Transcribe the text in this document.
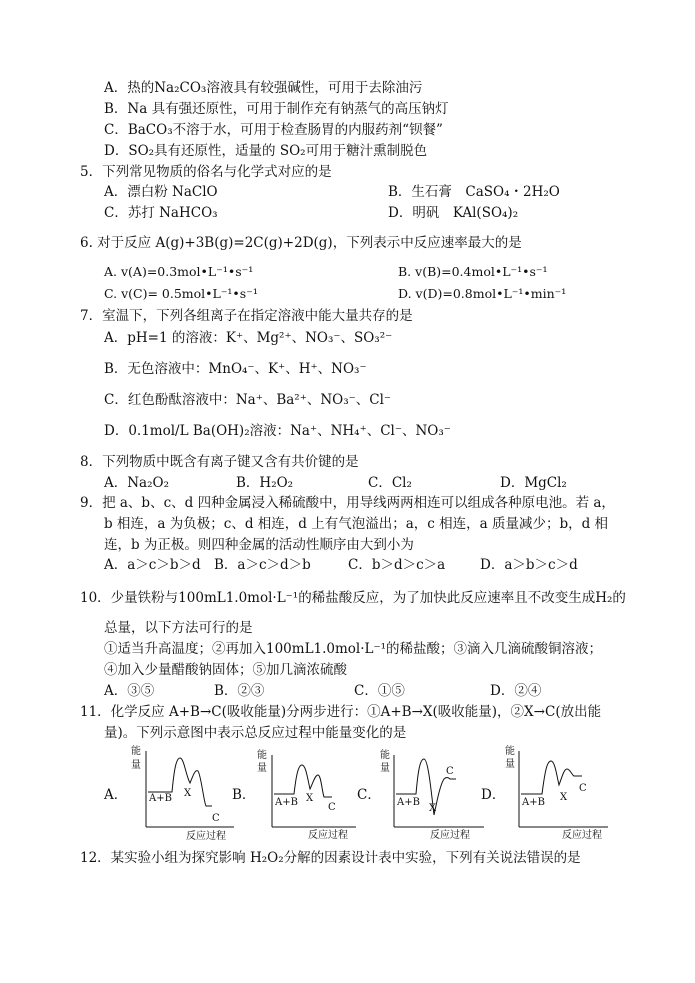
A．热的Na₂CO₃溶液具有较强碱性，可用于去除油污
B．Na 具有强还原性，可用于制作充有钠蒸气的高压钠灯
C．BaCO₃不溶于水，可用于检查肠胃的内服药剂“钡餐”
D．SO₂具有还原性，适量的 SO₂可用于糖汁熏制脱色
5．下列常见物质的俗名与化学式对应的是
A．漂白粉 NaClO	B．生石膏　CaSO₄・2H₂O
C．苏打 NaHCO₃	D．明矾　KAl(SO₄)₂
6. 对于反应 A(g)+3B(g)=2C(g)+2D(g)，下列表示中反应速率最大的是
A. v(A)=0.3mol•L⁻¹•s⁻¹	B. v(B)=0.4mol•L⁻¹•s⁻¹
C. v(C)= 0.5mol•L⁻¹•s⁻¹	D. v(D)=0.8mol•L⁻¹•min⁻¹
7．室温下，下列各组离子在指定溶液中能大量共存的是
A．pH=1 的溶液：K⁺、Mg²⁺、NO₃⁻、SO₃²⁻
B．无色溶液中：MnO₄⁻、K⁺、H⁺、NO₃⁻
C．红色酚酞溶液中：Na⁺、Ba²⁺、NO₃⁻、Cl⁻
D．0.1mol/L Ba(OH)₂溶液：Na⁺、NH₄⁺、Cl⁻、NO₃⁻
8．下列物质中既含有离子键又含有共价键的是
A．Na₂O₂	B．H₂O₂	C．Cl₂	D．MgCl₂
9．把 a、b、c、d 四种金属浸入稀硫酸中，用导线两两相连可以组成各种原电池。若 a，
b 相连，a 为负极；c、d 相连，d 上有气泡溢出；a，c 相连，a 质量减少；b，d 相
连，b 为正极。则四种金属的活动性顺序由大到小为
A．a＞c＞b＞d B．a＞c＞d＞b	C．b＞d＞c＞a	D．a＞b＞c＞d
10．少量铁粉与100mL1.0mol·L⁻¹的稀盐酸反应，为了加快此反应速率且不改变生成H₂的
总量，以下方法可行的是
①适当升高温度；②再加入100mL1.0mol·L⁻¹的稀盐酸；③滴入几滴硫酸铜溶液；
④加入少量醋酸钠固体；⑤加几滴浓硫酸
A．③⑤	B．②③	C．①⑤	D．②④
11．化学反应 A+B→C(吸收能量)分两步进行：①A+B→X(吸收能量)，②X→C(放出能
量)。下列示意图中表示总反应过程中能量变化的是
A．
能
量
A+B X
C
反应过程
B．
能
量
A+B X
C
反应过程
C．
能
量
A+B
X
C
反应过程
D．
能
量
A+B X
C
反应过程
12．某实验小组为探究影响 H₂O₂分解的因素设计表中实验，下列有关说法错误的是
